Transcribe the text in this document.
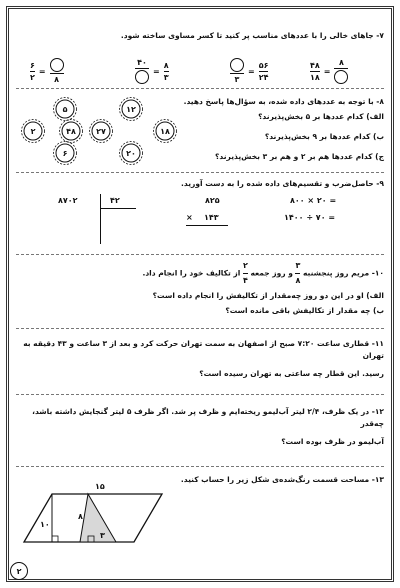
۷- جاهای خالی را با عددهای مناسب پر کنید تا کسر مساوی ساخته شود.

$\frac{۶}{۲}$ =
۸
۴۰
= $\frac{۸}{۳}$	۳
= $\frac{۵۶}{۲۴}$	$\frac{۴۸}{۱۸}$ =
۸

۸- با توجه به عددهای داده شده، به سؤال‌ها پاسخ دهید.

الف) کدام عددها بر ۵ بخش‌پذیرند؟

ب) کدام عددها بر ۹ بخش‌پذیرند؟

ج) کدام عددها هم بر ۲ و هم بر ۳ بخش‌پذیرند؟

۵	۱۲
۲	۲۷
۴۸	۱۸
۶	۲۰

۹- حاصل‌ضرب و تقسیم‌های داده شده را به دست آورید.

۸۷۰۲	۴۲	۸۲۵
× ۱۴۳
۸۰۰ × ۲۰ =
۱۴۰۰ ÷ ۷۰ =

۱۰- مریم روز پنجشنبه
$\frac{۳}{۸}$
و روز جمعه
$\frac{۲}{۴}$
از تکالیف خود را انجام داد.

الف) او در این دو روز چه‌مقدار از تکالیفش را انجام داده است؟

ب) چه مقدار از تکالیفش باقی مانده است؟

۱۱- قطاری ساعت ۷:۲۰ صبح از اصفهان به سمت تهران حرکت کرد و بعد از ۳ ساعت و ۴۳ دقیقه به تهران

رسید. این قطار چه ساعتی به تهران رسیده است؟

۱۲- در یک ظرف، ۲/۴ لیتر آب‌لیمو ریخته‌ایم و ظرف پر شد. اگر ظرف ۵ لیتر گنجایش داشته باشد، چه‌قدر

آب‌لیمو در ظرف بوده است؟

۱۳- مساحت قسمت رنگ‌شده‌ی شکل زیر را حساب کنید.

۱۵
۱۰
۸
۳
۲
